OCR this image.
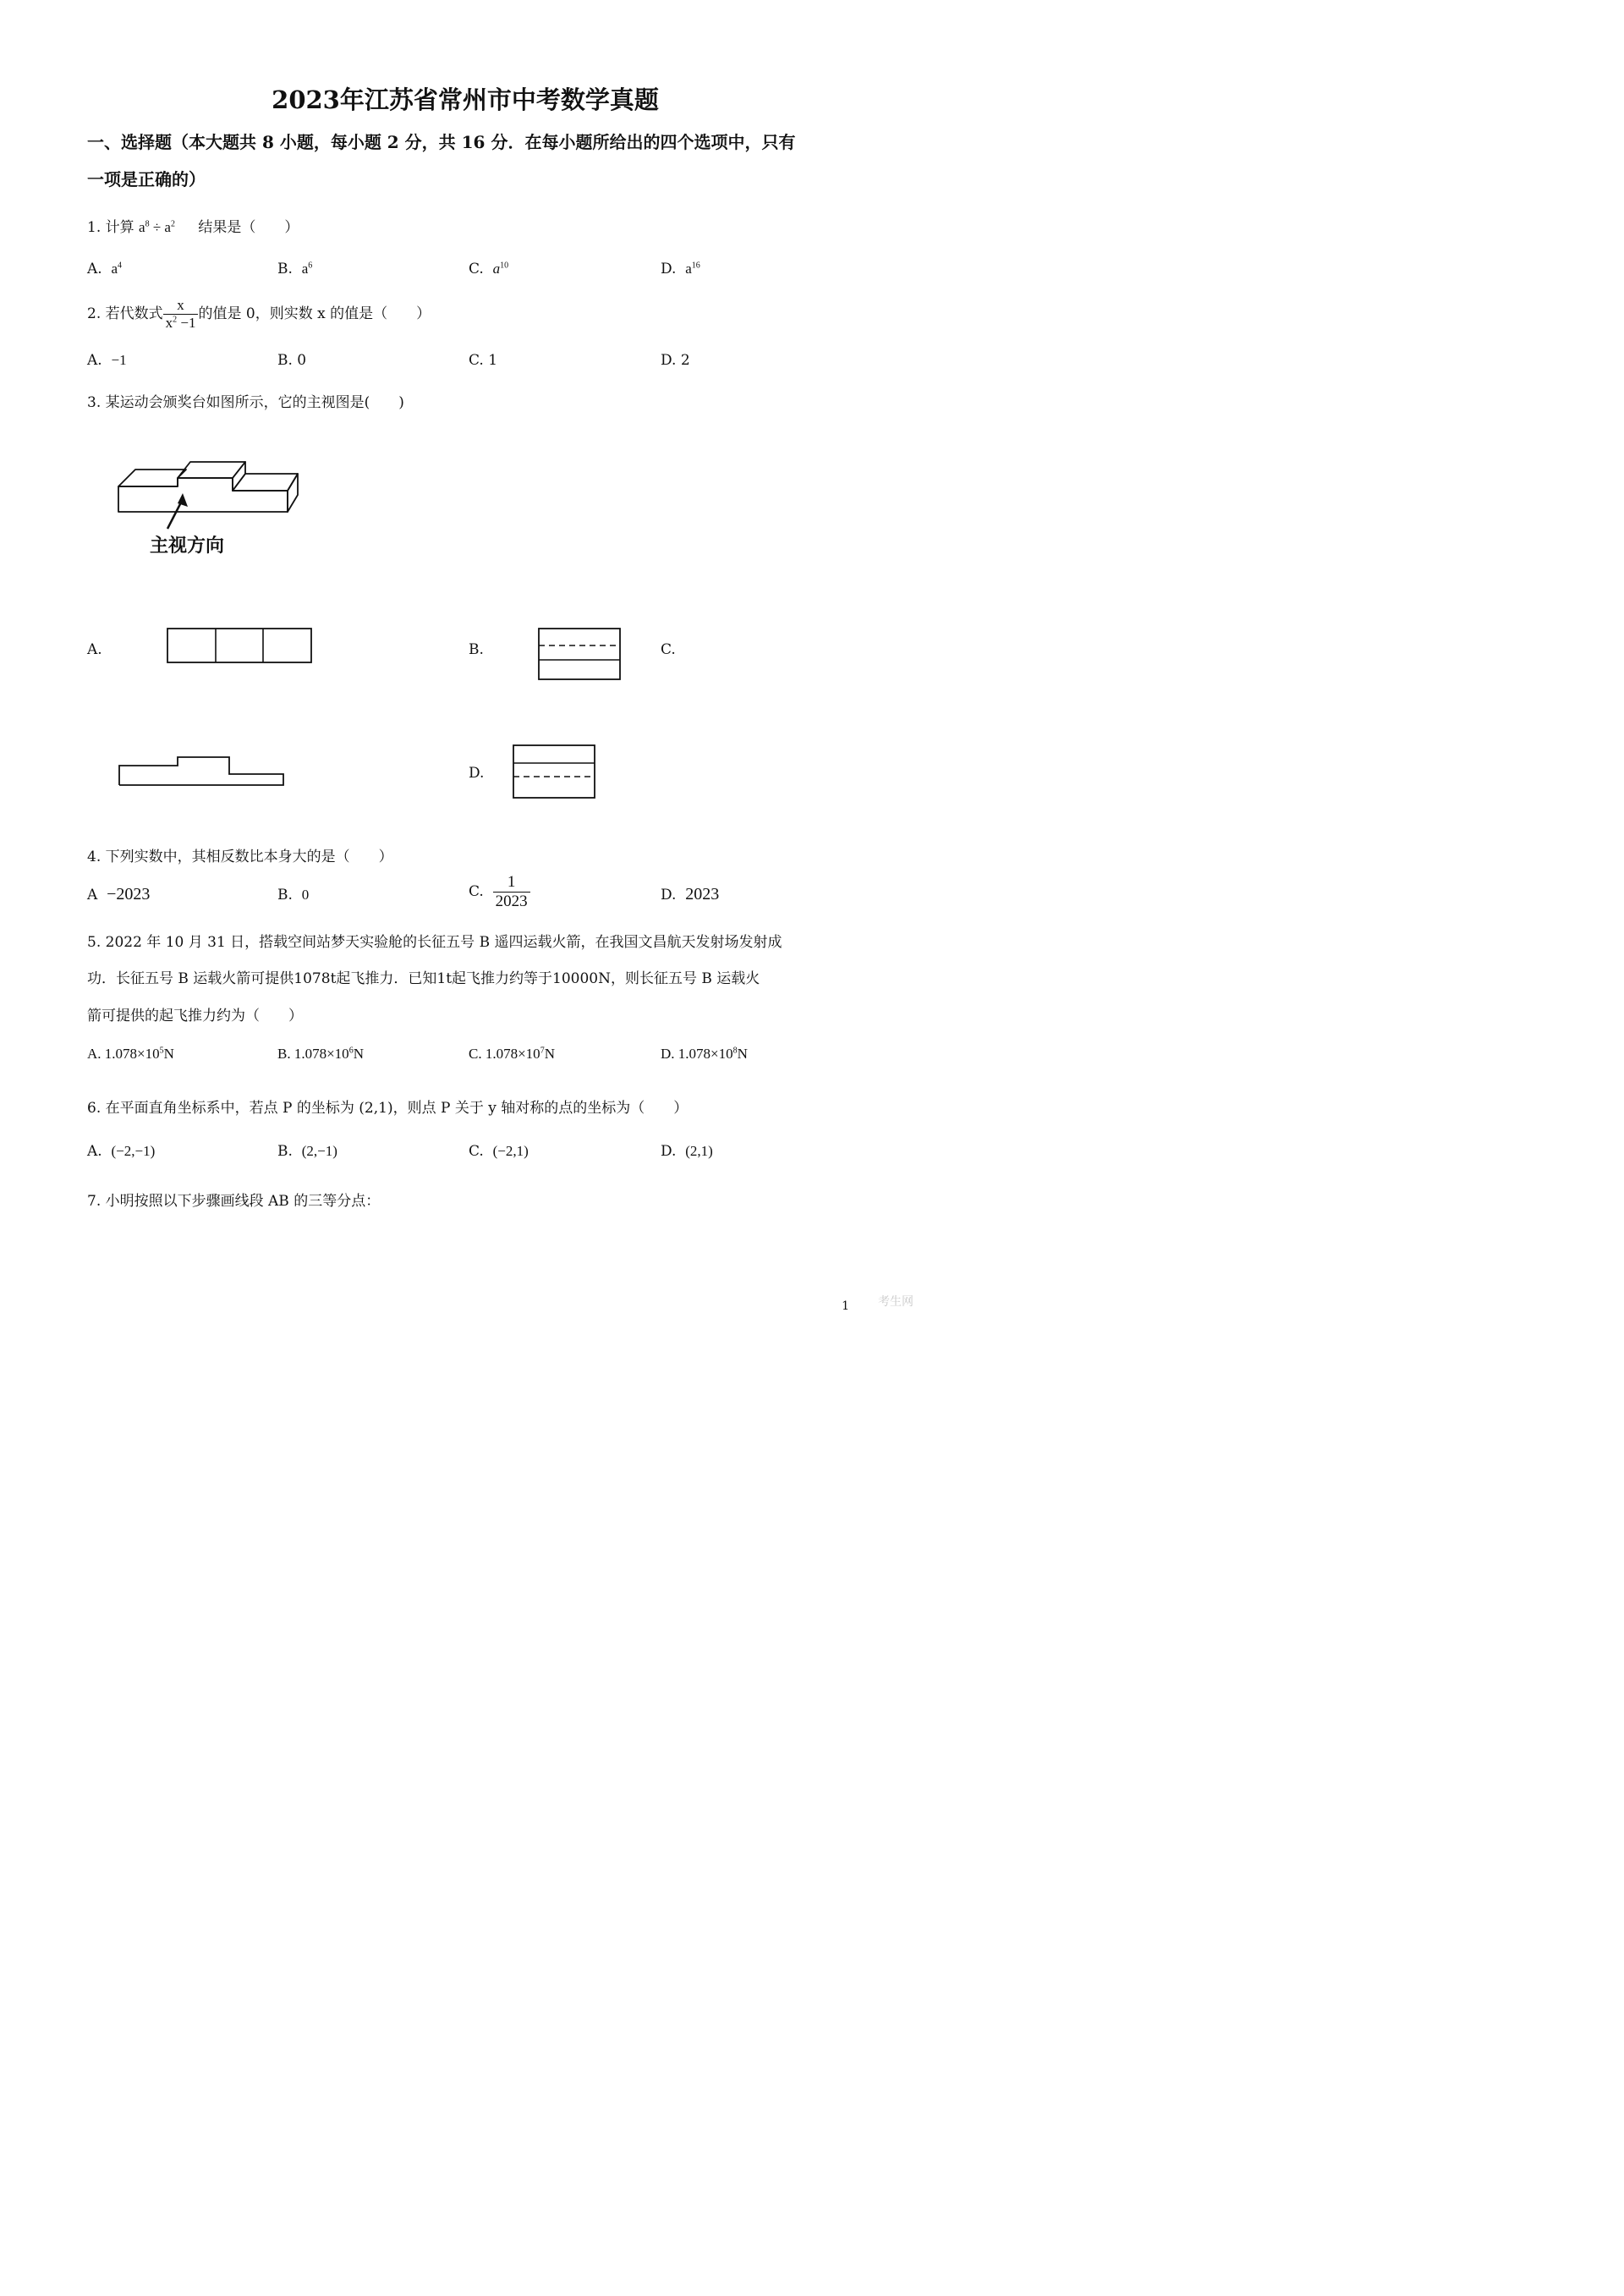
2023年江苏省常州市中考数学真题
一、选择题（本大题共 8 小题，每小题 2 分，共 16 分．在每小题所给出的四个选项中，只有
一项是正确的）
1. 计算 $a^8 \div a^2$ 结果是（　　）
A. $a^4$	B. $a^6$	C. $a^{10}$	D. $a^{16}$
2. 若代数式 $\frac{x}{x^2 -1}$ 的值是 0，则实数 x 的值是（　　）
A. −1	B. 0	C. 1	D. 2
3. 某运动会颁奖台如图所示，它的主视图是(　　)
主视方向
A.	B.	C.
D.
4. 下列实数中，其相反数比本身大的是（　　）
A −2023	B. 0	C. $\frac{1}{2023}$	D. 2023
5. 2022 年 10 月 31 日，搭载空间站梦天实验舱的长征五号 B 遥四运载火箭，在我国文昌航天发射场发射成
功．长征五号 B 运载火箭可提供1078t起飞推力．已知1t起飞推力约等于10000N，则长征五号 B 运载火
箭可提供的起飞推力约为（　　）
A. $1.078\times 10^5N$	B. $1.078\times 10^6N$	C. $1.078\times 10^7N$	D. $1.078\times 10^8N$
6. 在平面直角坐标系中，若点 P 的坐标为 (2,1)，则点 P 关于 y 轴对称的点的坐标为（　　）
A. (−2,−1)	B. (2,−1)	C. (−2,1)	D. (2,1)
7. 小明按照以下步骤画线段 AB 的三等分点：
1 考生网
